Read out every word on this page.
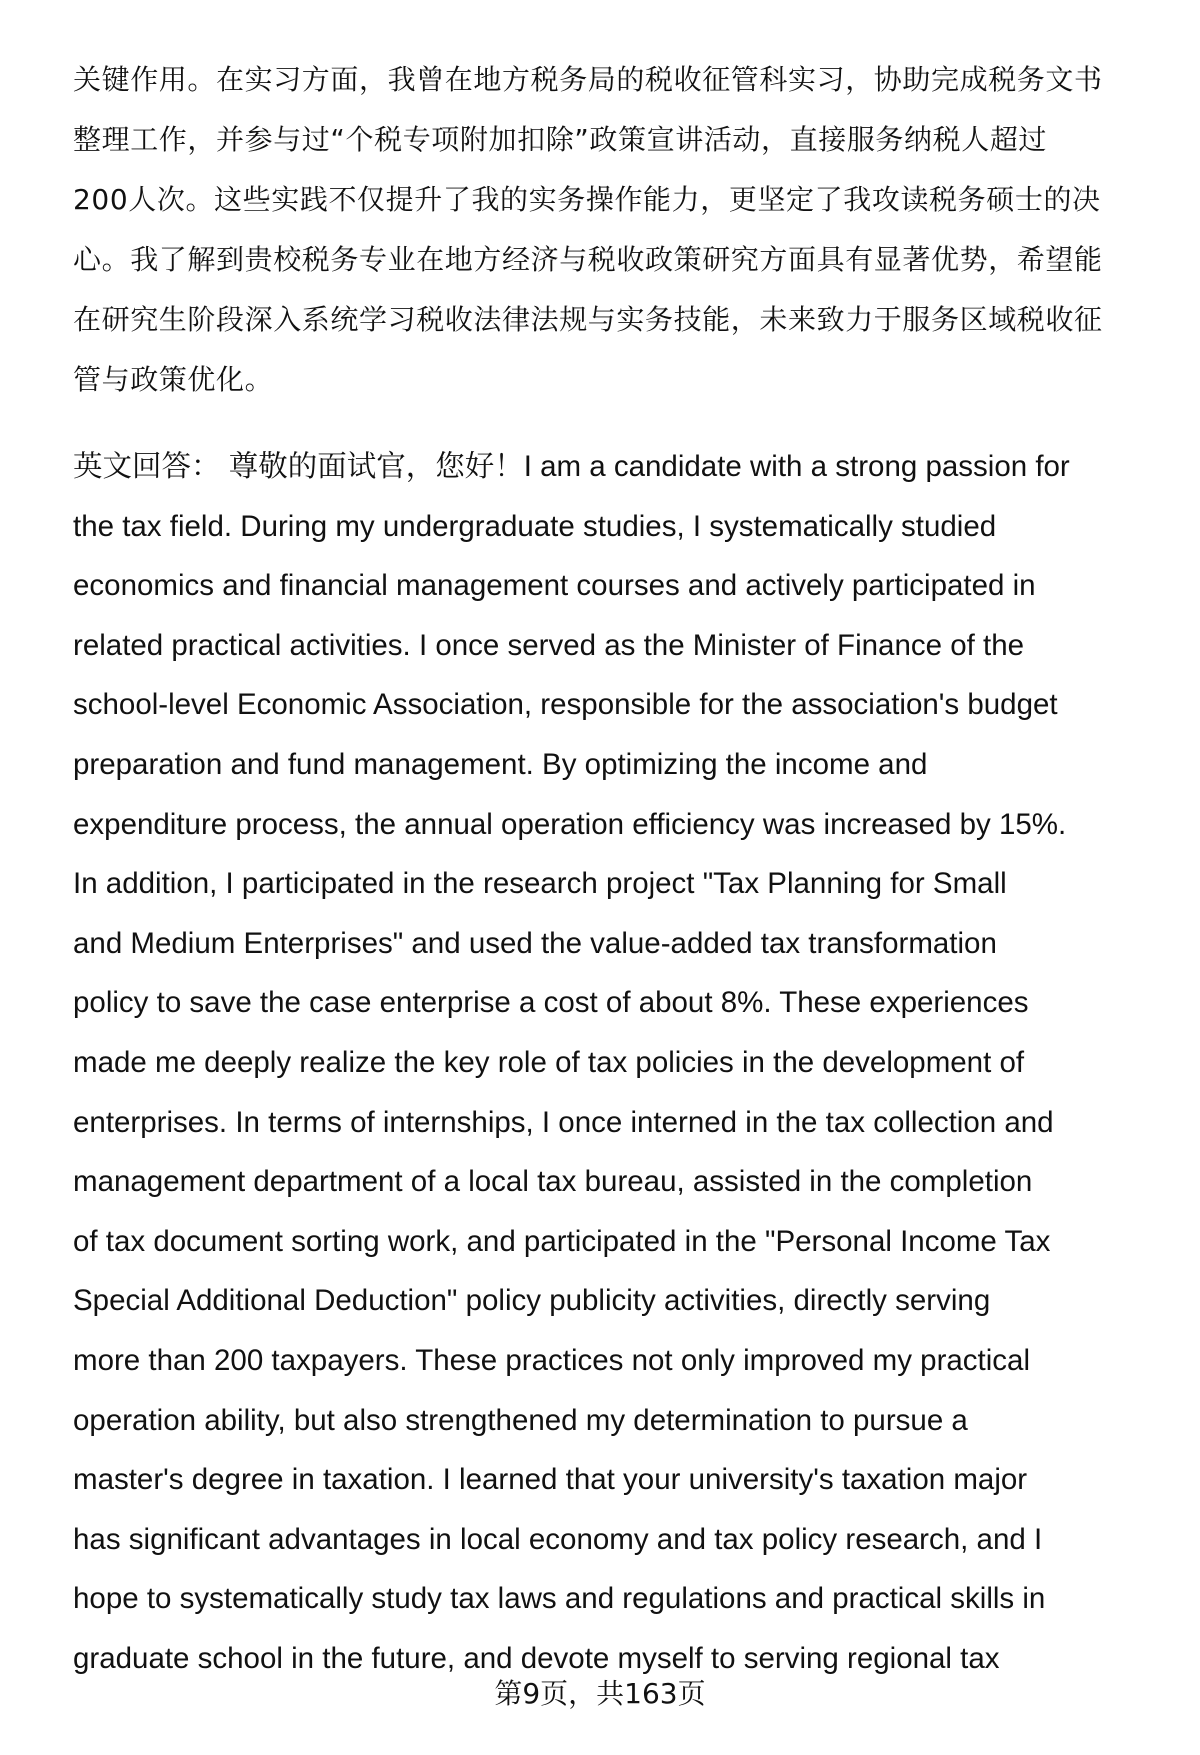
关键作用。在实习方面，我曾在地方税务局的税收征管科实习，协助完成税务文书
整理工作，并参与过“个税专项附加扣除”政策宣讲活动，直接服务纳税人超过
200人次。这些实践不仅提升了我的实务操作能力，更坚定了我攻读税务硕士的决
心。我了解到贵校税务专业在地方经济与税收政策研究方面具有显著优势，希望能
在研究生阶段深入系统学习税收法律法规与实务技能，未来致力于服务区域税收征
管与政策优化。
英文回答： 尊敬的面试官，您好！I am a candidate with a strong passion for
the tax field. During my undergraduate studies, I systematically studied
economics and financial management courses and actively participated in
related practical activities. I once served as the Minister of Finance of the
school-level Economic Association, responsible for the association's budget
preparation and fund management. By optimizing the income and
expenditure process, the annual operation efficiency was increased by 15%.
In addition, I participated in the research project "Tax Planning for Small
and Medium Enterprises" and used the value-added tax transformation
policy to save the case enterprise a cost of about 8%. These experiences
made me deeply realize the key role of tax policies in the development of
enterprises. In terms of internships, I once interned in the tax collection and
management department of a local tax bureau, assisted in the completion
of tax document sorting work, and participated in the "Personal Income Tax
Special Additional Deduction" policy publicity activities, directly serving
more than 200 taxpayers. These practices not only improved my practical
operation ability, but also strengthened my determination to pursue a
master's degree in taxation. I learned that your university's taxation major
has significant advantages in local economy and tax policy research, and I
hope to systematically study tax laws and regulations and practical skills in
graduate school in the future, and devote myself to serving regional tax
第9页，共163页
